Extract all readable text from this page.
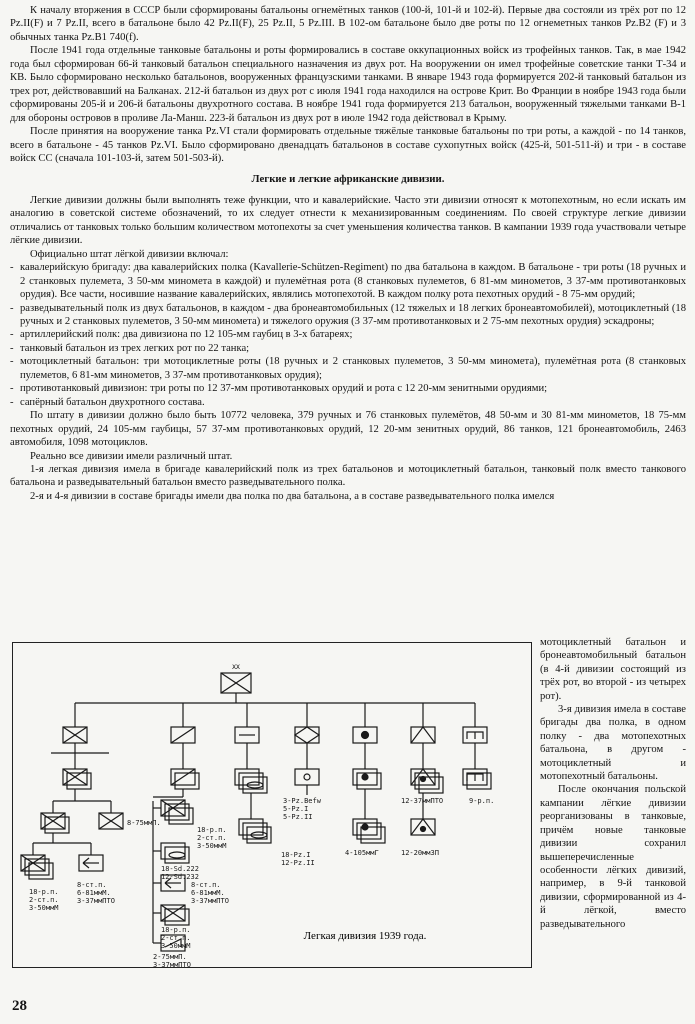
К началу вторжения в СССР были сформированы батальоны огнемётных танков (100-й, 101-й и 102-й). Первые два состояли из трёх рот по 12 Pz.II(F) и 7 Pz.II, всего в батальоне было 42 Pz.II(F), 25 Pz.II, 5 Pz.III. В 102-ом батальоне было две роты по 12 огнеметных танков Pz.B2 (F) и 3 обычных танка Pz.B1 740(f).

После 1941 года отдельные танковые батальоны и роты формировались в составе оккупационных войск из трофейных танков. Так, в мае 1942 года был сформирован 66-й танковый батальон специального назначения из двух рот. На вооружении он имел трофейные советские танки Т-34 и КВ. Было сформировано несколько батальонов, вооруженных французскими танками. В январе 1943 года формируется 202-й танковый батальон из трех рот, действовавший на Балканах. 212-й батальон из двух рот с июля 1941 года находился на острове Крит. Во Франции в ноябре 1943 года были сформированы 205-й и 206-й батальоны двухротного состава. В ноябре 1941 года формируется 213 батальон, вооруженный тяжелыми танками B-1 для обороны островов в проливе Ла-Манш. 223-й батальон из двух рот в июле 1942 года действовал в Крыму.

После принятия на вооружение танка Pz.VI стали формировать отдельные тяжёлые танковые батальоны по три роты, а каждой - по 14 танков, всего в батальоне - 45 танков Pz.VI. Было сформировано двенадцать батальонов в составе сухопутных войск (425-й, 501-511-й) и три - в составе войск СС (сначала 101-103-й, затем 501-503-й).

Легкие и легкие африканские дивизии.

Легкие дивизии должны были выполнять теже функции, что и кавалерийские. Часто эти дивизии относят к мотопехотным, но если искать им аналогию в советской системе обозначений, то их следует отнести к механизированным соединениям. По своей структуре легкие дивизии отличались от танковых только большим количеством мотопехоты за счет уменьшения количества танков. В кампании 1939 года участвовали четыре лёгкие дивизии.

Официально штат лёгкой дивизии включал:

- кавалерийскую бригаду: два кавалерийских полка (Kavallerie-Schützen-Regiment) по два батальона в каждом. В батальоне - три роты (18 ручных и 2 станковых пулемета, 3 50-мм миномета в каждой) и пулемётная рота (8 станковых пулеметов, 6 81-мм минометов, 3 37-мм противотанковых орудия). Все части, носившие название кавалерийских, являлись мотопехотой. В каждом полку рота пехотных орудий - 8 75-мм орудий;

- разведывательный полк из двух батальонов, в каждом - два бронеавтомобильных (12 тяжелых и 18 легких бронеавтомобилей), мотоциклетный (18 ручных и 2 станковых пулеметов, 3 50-мм миномета) и тяжелого оружия (3 37-мм противотанковых и 2 75-мм пехотных орудия) эскадроны;

- артиллерийский полк: два дивизиона по 12 105-мм гаубиц в 3-х батареях;

- танковый батальон из трех легких рот по 22 танка;

- мотоциклетный батальон: три мотоциклетные роты (18 ручных и 2 станковых пулеметов, 3 50-мм миномета), пулемётная рота (8 станковых пулеметов, 6 81-мм минометов, 3 37-мм противотанковых орудия);

- противотанковый дивизион: три роты по 12 37-мм противотанковых орудий и рота с 12 20-мм зенитными орудиями;

- сапёрный батальон двухротного состава.

По штату в дивизии должно было быть 10772 человека, 379 ручных и 76 станковых пулемётов, 48 50-мм и 30 81-мм минометов, 18 75-мм пехотных орудий, 24 105-мм гаубицы, 57 37-мм противотанковых орудий, 12 20-мм зенитных орудий, 86 танков, 121 бронеавтомобиль, 2463 автомобиля, 1098 мотоциклов.

Реально все дивизии имели различный штат.

1-я легкая дивизия имела в бригаде кавалерийский полк из трех батальонов и мотоциклетный батальон, танковый полк вместо танкового батальона и разведывательный батальон вместо разведывательного полка.

2-я и 4-я дивизии в составе бригады имели два полка по два батальона, а в составе разведывательного полка имелся

XX
8-75ммП.
18-р.п.
2-ст.п.
3-50ммМ
8-ст.п.
6-81ммМ.
3-37ммПТО
18-р.п.
2-ст.п.
3-50ммМ
18-Sd.222
12-Sd.232
8-ст.п.
6-81ммМ.
3-37ммПТО
18-р.п.
2-ст.п.
3-50ммМ
2-75ммП.
3-37ммПТО
3-Pz.Befw
5-Pz.I
5-Pz.II
18-Pz.I
12-Pz.II
4-105ммГ
12-37ммПТО
12-20ммЗП
9-р.п.
Легкая дивизия 1939 года.

мотоциклетный батальон и бронеавтомобильный батальон (в 4-й дивизии состоящий из трёх рот, во второй - из четырех рот).

3-я дивизия имела в составе бригады два полка, в одном полку - два мотопехотных батальона, в другом - мотоциклетный и мотопехотный батальоны.

После окончания польской кампании лёгкие дивизии реорганизованы в танковые, причём новые танковые дивизии сохранил вышеперечисленные особенности лёгких дивизий, например, в 9-й танковой дивизии, сформированной из 4-й лёгкой, вместо разведывательного

28
